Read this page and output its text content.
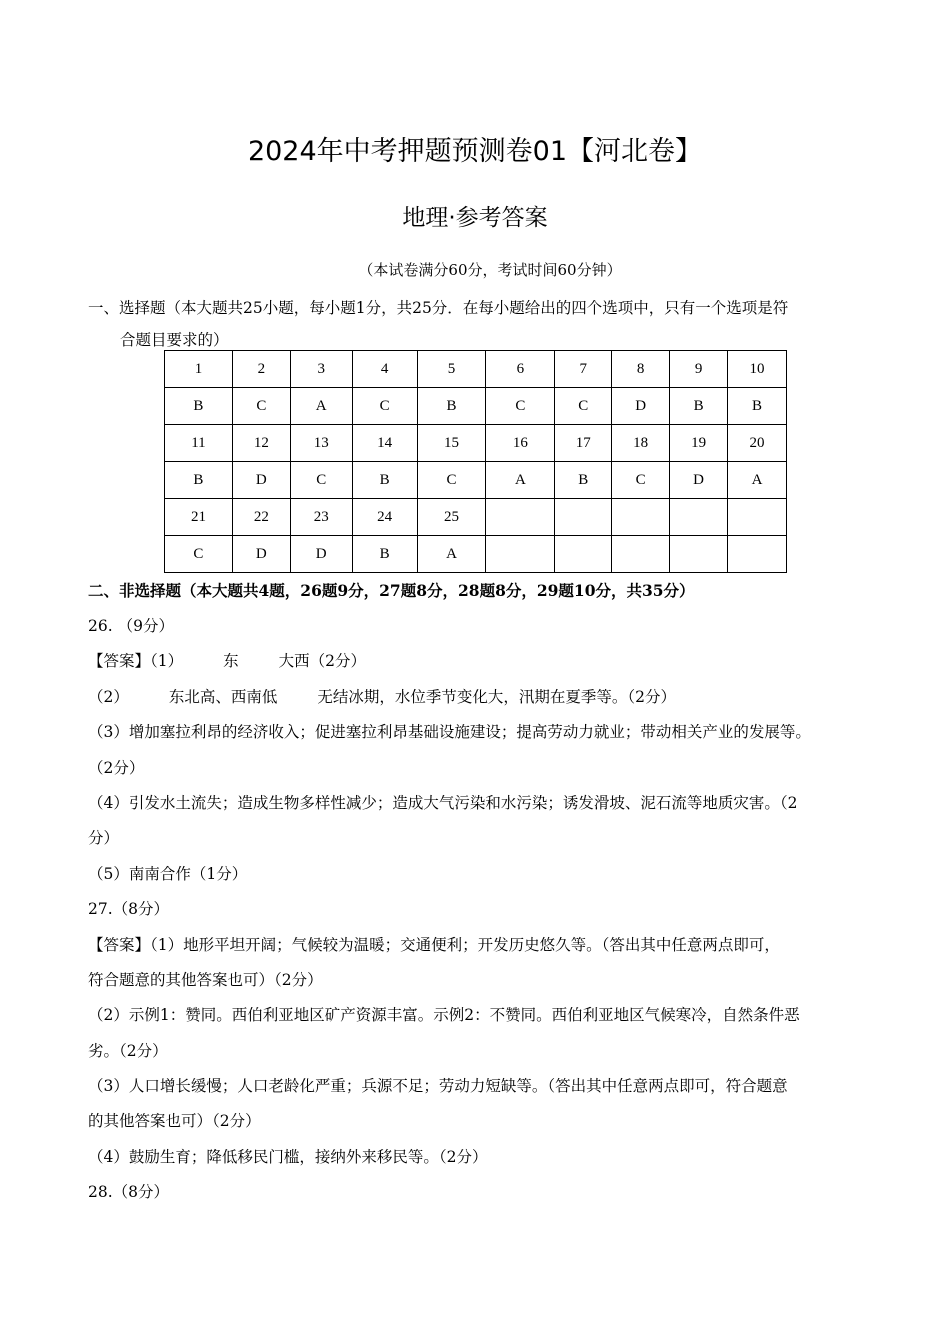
2024年中考押题预测卷01【河北卷】
地理·参考答案
（本试卷满分60分，考试时间60分钟）
一、选择题（本大题共25小题，每小题1分，共25分．在每小题给出的四个选项中，只有一个选项是符
合题目要求的）
1	2	3	4	5	6	7	8	9	10
B	C	A	C	B	C	C	D	B	B
11	12	13	14	15	16	17	18	19	20
B	D	C	B	C	A	B	C	D	A
21	22	23	24	25					
C	D	D	B	A					
二、非选择题（本大题共4题，26题9分，27题8分，28题8分，29题10分，共35分）
26. （9分）
【答案】（1）	东	大西（2分）
（2）	东北高、西南低	无结冰期，水位季节变化大，汛期在夏季等。（2分）
（3）增加塞拉利昂的经济收入；促进塞拉利昂基础设施建设；提高劳动力就业；带动相关产业的发展等。
（2分）
（4）引发水土流失；造成生物多样性减少；造成大气污染和水污染；诱发滑坡、泥石流等地质灾害。（2
分）
（5）南南合作（1分）
27.（8分）
【答案】（1）地形平坦开阔；气候较为温暖；交通便利；开发历史悠久等。（答出其中任意两点即可，
符合题意的其他答案也可）（2分）
（2）示例1：赞同。西伯利亚地区矿产资源丰富。示例2：不赞同。西伯利亚地区气候寒冷，自然条件恶
劣。（2分）
（3）人口增长缓慢；人口老龄化严重；兵源不足；劳动力短缺等。（答出其中任意两点即可，符合题意
的其他答案也可）（2分）
（4）鼓励生育；降低移民门槛，接纳外来移民等。（2分）
28.（8分）
